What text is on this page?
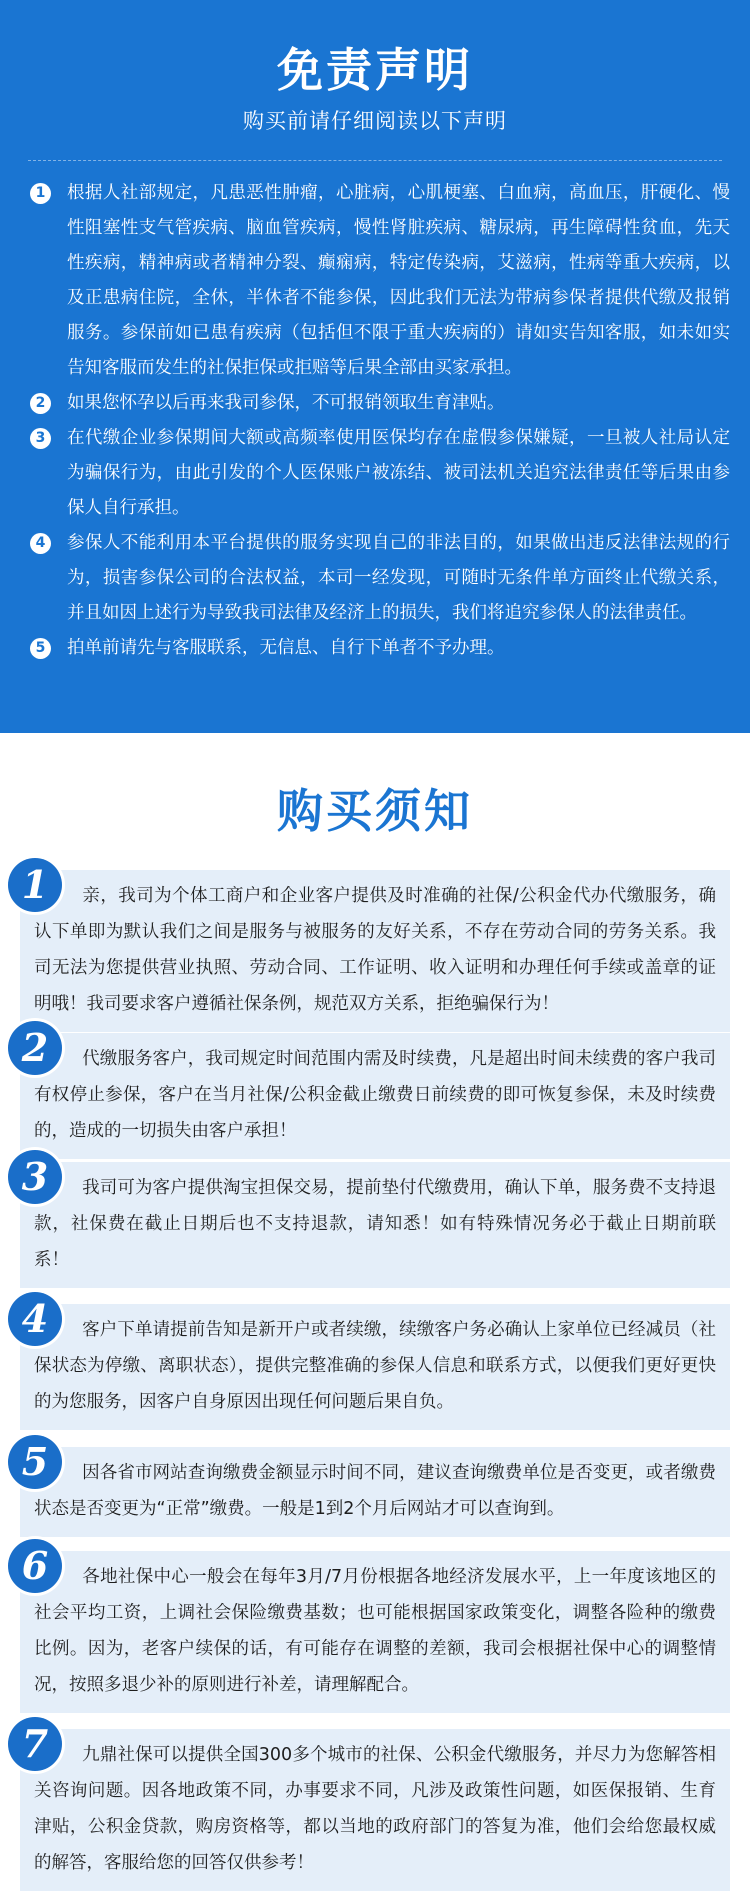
免责声明
购买前请仔细阅读以下声明
1	根据人社部规定，凡患恶性肿瘤，心脏病，心肌梗塞、白血病，高血压，肝硬化、慢性阻塞性支气管疾病、脑血管疾病，慢性肾脏疾病、糖尿病，再生障碍性贫血，先天性疾病，精神病或者精神分裂、癫痫病，特定传染病，艾滋病，性病等重大疾病，以及正患病住院，全休，半休者不能参保，因此我们无法为带病参保者提供代缴及报销服务。参保前如已患有疾病（包括但不限于重大疾病的）请如实告知客服，如未如实告知客服而发生的社保拒保或拒赔等后果全部由买家承担。
2	如果您怀孕以后再来我司参保，不可报销领取生育津贴。
3	在代缴企业参保期间大额或高频率使用医保均存在虚假参保嫌疑，一旦被人社局认定为骗保行为，由此引发的个人医保账户被冻结、被司法机关追究法律责任等后果由参保人自行承担。
4	参保人不能利用本平台提供的服务实现自己的非法目的，如果做出违反法律法规的行为，损害参保公司的合法权益，本司一经发现，可随时无条件单方面终止代缴关系，并且如因上述行为导致我司法律及经济上的损失，我们将追究参保人的法律责任。
5	拍单前请先与客服联系，无信息、自行下单者不予办理。
购买须知
1	亲，我司为个体工商户和企业客户提供及时准确的社保/公积金代办代缴服务，确认下单即为默认我们之间是服务与被服务的友好关系，不存在劳动合同的劳务关系。我司无法为您提供营业执照、劳动合同、工作证明、收入证明和办理任何手续或盖章的证明哦！我司要求客户遵循社保条例，规范双方关系，拒绝骗保行为！
2	代缴服务客户，我司规定时间范围内需及时续费，凡是超出时间未续费的客户我司有权停止参保，客户在当月社保/公积金截止缴费日前续费的即可恢复参保，未及时续费的，造成的一切损失由客户承担！
3	我司可为客户提供淘宝担保交易，提前垫付代缴费用，确认下单，服务费不支持退款，社保费在截止日期后也不支持退款，请知悉！如有特殊情况务必于截止日期前联系！
4	客户下单请提前告知是新开户或者续缴，续缴客户务必确认上家单位已经减员（社保状态为停缴、离职状态），提供完整准确的参保人信息和联系方式，以便我们更好更快的为您服务，因客户自身原因出现任何问题后果自负。
5	因各省市网站查询缴费金额显示时间不同，建议查询缴费单位是否变更，或者缴费状态是否变更为“正常”缴费。一般是1到2个月后网站才可以查询到。
6	各地社保中心一般会在每年3月/7月份根据各地经济发展水平，上一年度该地区的社会平均工资，上调社会保险缴费基数；也可能根据国家政策变化，调整各险种的缴费比例。因为，老客户续保的话，有可能存在调整的差额，我司会根据社保中心的调整情况，按照多退少补的原则进行补差，请理解配合。
7	九鼎社保可以提供全国300多个城市的社保、公积金代缴服务，并尽力为您解答相关咨询问题。因各地政策不同，办事要求不同，凡涉及政策性问题，如医保报销、生育津贴，公积金贷款，购房资格等，都以当地的政府部门的答复为准，他们会给您最权威的解答，客服给您的回答仅供参考！
